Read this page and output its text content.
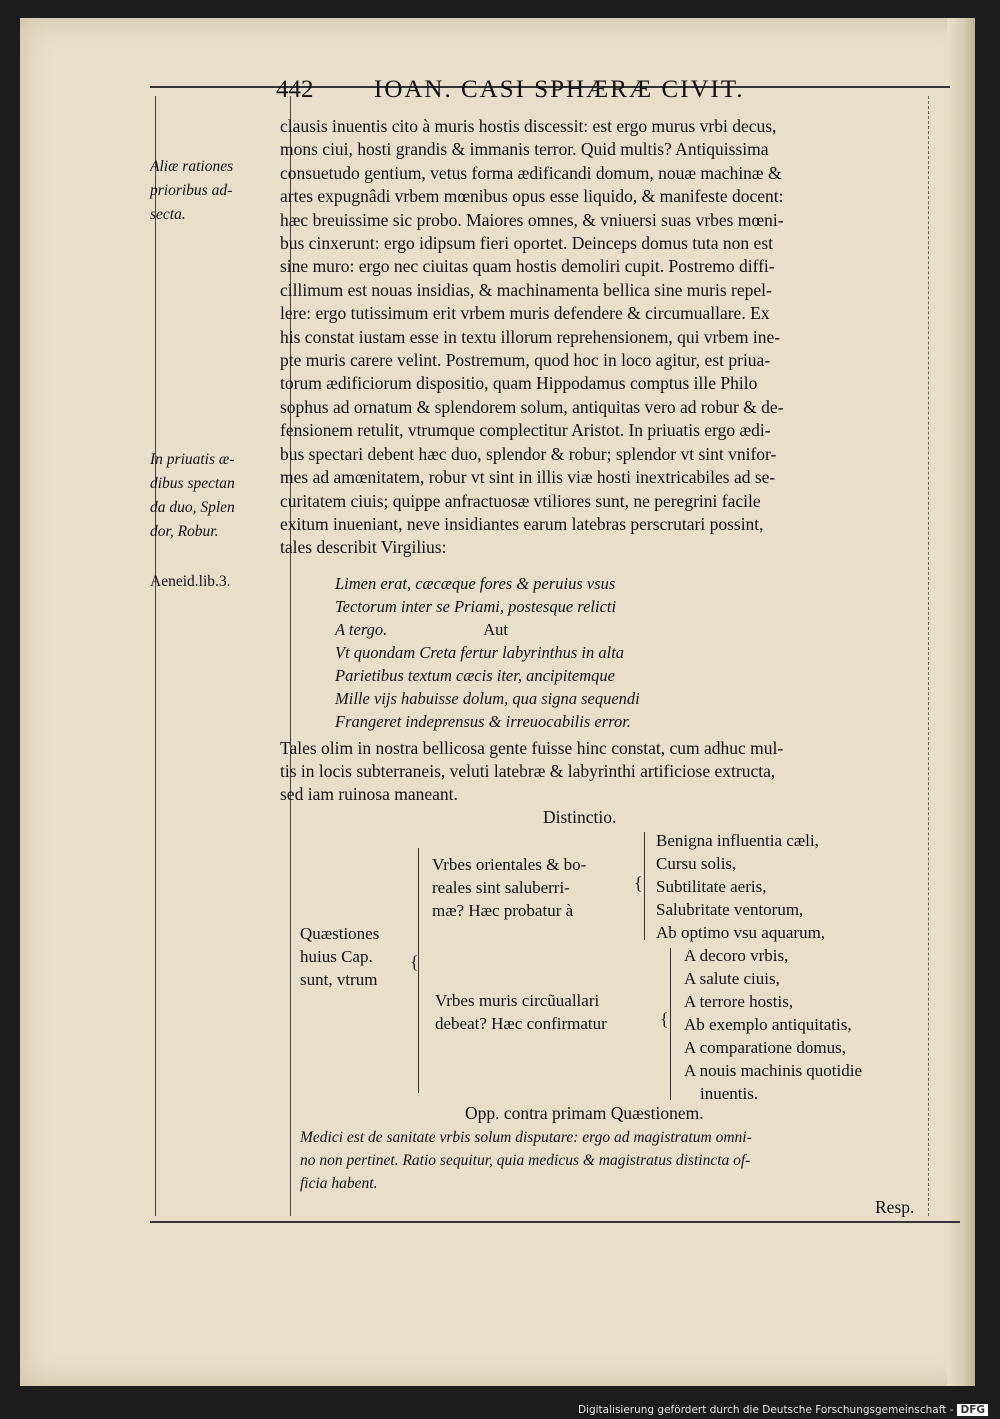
442 IOAN. CASI SPHÆRÆ CIVIT.
Aliæ rationes
prioribus ad-
secta.
In priuatis æ-
dibus spectan
da duo, Splen
dor, Robur.
Aeneid.lib.3.
clausis inuentis cito à muris hostis discessit: est ergo murus vrbi decus,
mons ciui, hosti grandis & immanis terror. Quid multis? Antiquissima
consuetudo gentium, vetus forma ædificandi domum, nouæ machinæ &
artes expugnâdi vrbem mœnibus opus esse liquido, & manifeste docent:
hæc breuissime sic probo. Maiores omnes, & vniuersi suas vrbes mœni-
bus cinxerunt: ergo idipsum fieri oportet. Deinceps domus tuta non est
sine muro: ergo nec ciuitas quam hostis demoliri cupit. Postremo diffi-
cillimum est nouas insidias, & machinamenta bellica sine muris repel-
lere: ergo tutissimum erit vrbem muris defendere & circumuallare. Ex
his constat iustam esse in textu illorum reprehensionem, qui vrbem ine-
pte muris carere velint. Postremum, quod hoc in loco agitur, est priua-
torum ædificiorum dispositio, quam Hippodamus comptus ille Philo
sophus ad ornatum & splendorem solum, antiquitas vero ad robur & de-
fensionem retulit, vtrumque complectitur Aristot. In priuatis ergo ædi-
bus spectari debent hæc duo, splendor & robur; splendor vt sint vnifor-
mes ad amœnitatem, robur vt sint in illis viæ hosti inextricabiles ad se-
curitatem ciuis; quippe anfractuosæ vtiliores sunt, ne peregrini facile
exitum inueniant, neve insidiantes earum latebras perscrutari possint,
tales describit Virgilius:
Limen erat, cæcæque fores & peruius vsus
Tectorum inter se Priami, postesque relicti
A tergo.	Aut
Vt quondam Creta fertur labyrinthus in alta
Parietibus textum cæcis iter, ancipitemque
Mille vijs habuisse dolum, qua signa sequendi
Frangeret indeprensus & irreuocabilis error.
Tales olim in nostra bellicosa gente fuisse hinc constat, cum adhuc mul-
tis in locis subterraneis, veluti latebræ & labyrinthi artificiose extructa,
sed iam ruinosa maneant.
Distinctio.
Quæstiones
huius Cap.
sunt, vtrum
{
Vrbes orientales & bo-
reales sint saluberri-
mæ? Hæc probatur à
{
Benigna influentia cæli,
Cursu solis,
Subtilitate aeris,
Salubritate ventorum,
Ab optimo vsu aquarum,
Vrbes muris circũuallari
debeat? Hæc confirmatur	{
A decoro vrbis,
A salute ciuis,
A terrore hostis,
Ab exemplo antiquitatis,
A comparatione domus,
A nouis machinis quotidie
inuentis.
Opp. contra primam Quæstionem.
Medici est de sanitate vrbis solum disputare: ergo ad magistratum omni-
no non pertinet. Ratio sequitur, quia medicus & magistratus distincta of-
ficia habent.
Resp.
Digitalisierung gefördert durch die Deutsche Forschungsgemeinschaft - DFG
